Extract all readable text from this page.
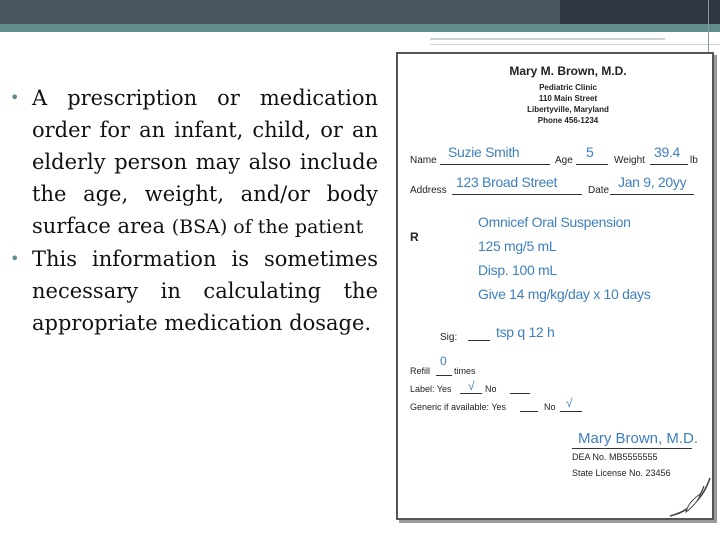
• A prescription or medication order for an infant, child, or an elderly person may also include the age, weight, and/or body surface area (BSA) of the patient
• This information is sometimes necessary in calculating the appropriate medication dosage.
Mary M. Brown, M.D.
Pediatric Clinic
110 Main Street
Libertyville, Maryland
Phone 456-1234
Name
Suzie Smith
Age
5
Weight
39.4
lb
Address
123 Broad Street
Date
Jan 9, 20yy
R
Omnicef Oral Suspension
125 mg/5 mL
Disp. 100 mL
Give 14 mg/kg/day x 10 days
Sig:	tsp q 12 h
Refill
0
times
Label: Yes √ No
Generic if available: Yes	No √
Mary Brown, M.D.
DEA No. MB5555555
State License No. 23456
